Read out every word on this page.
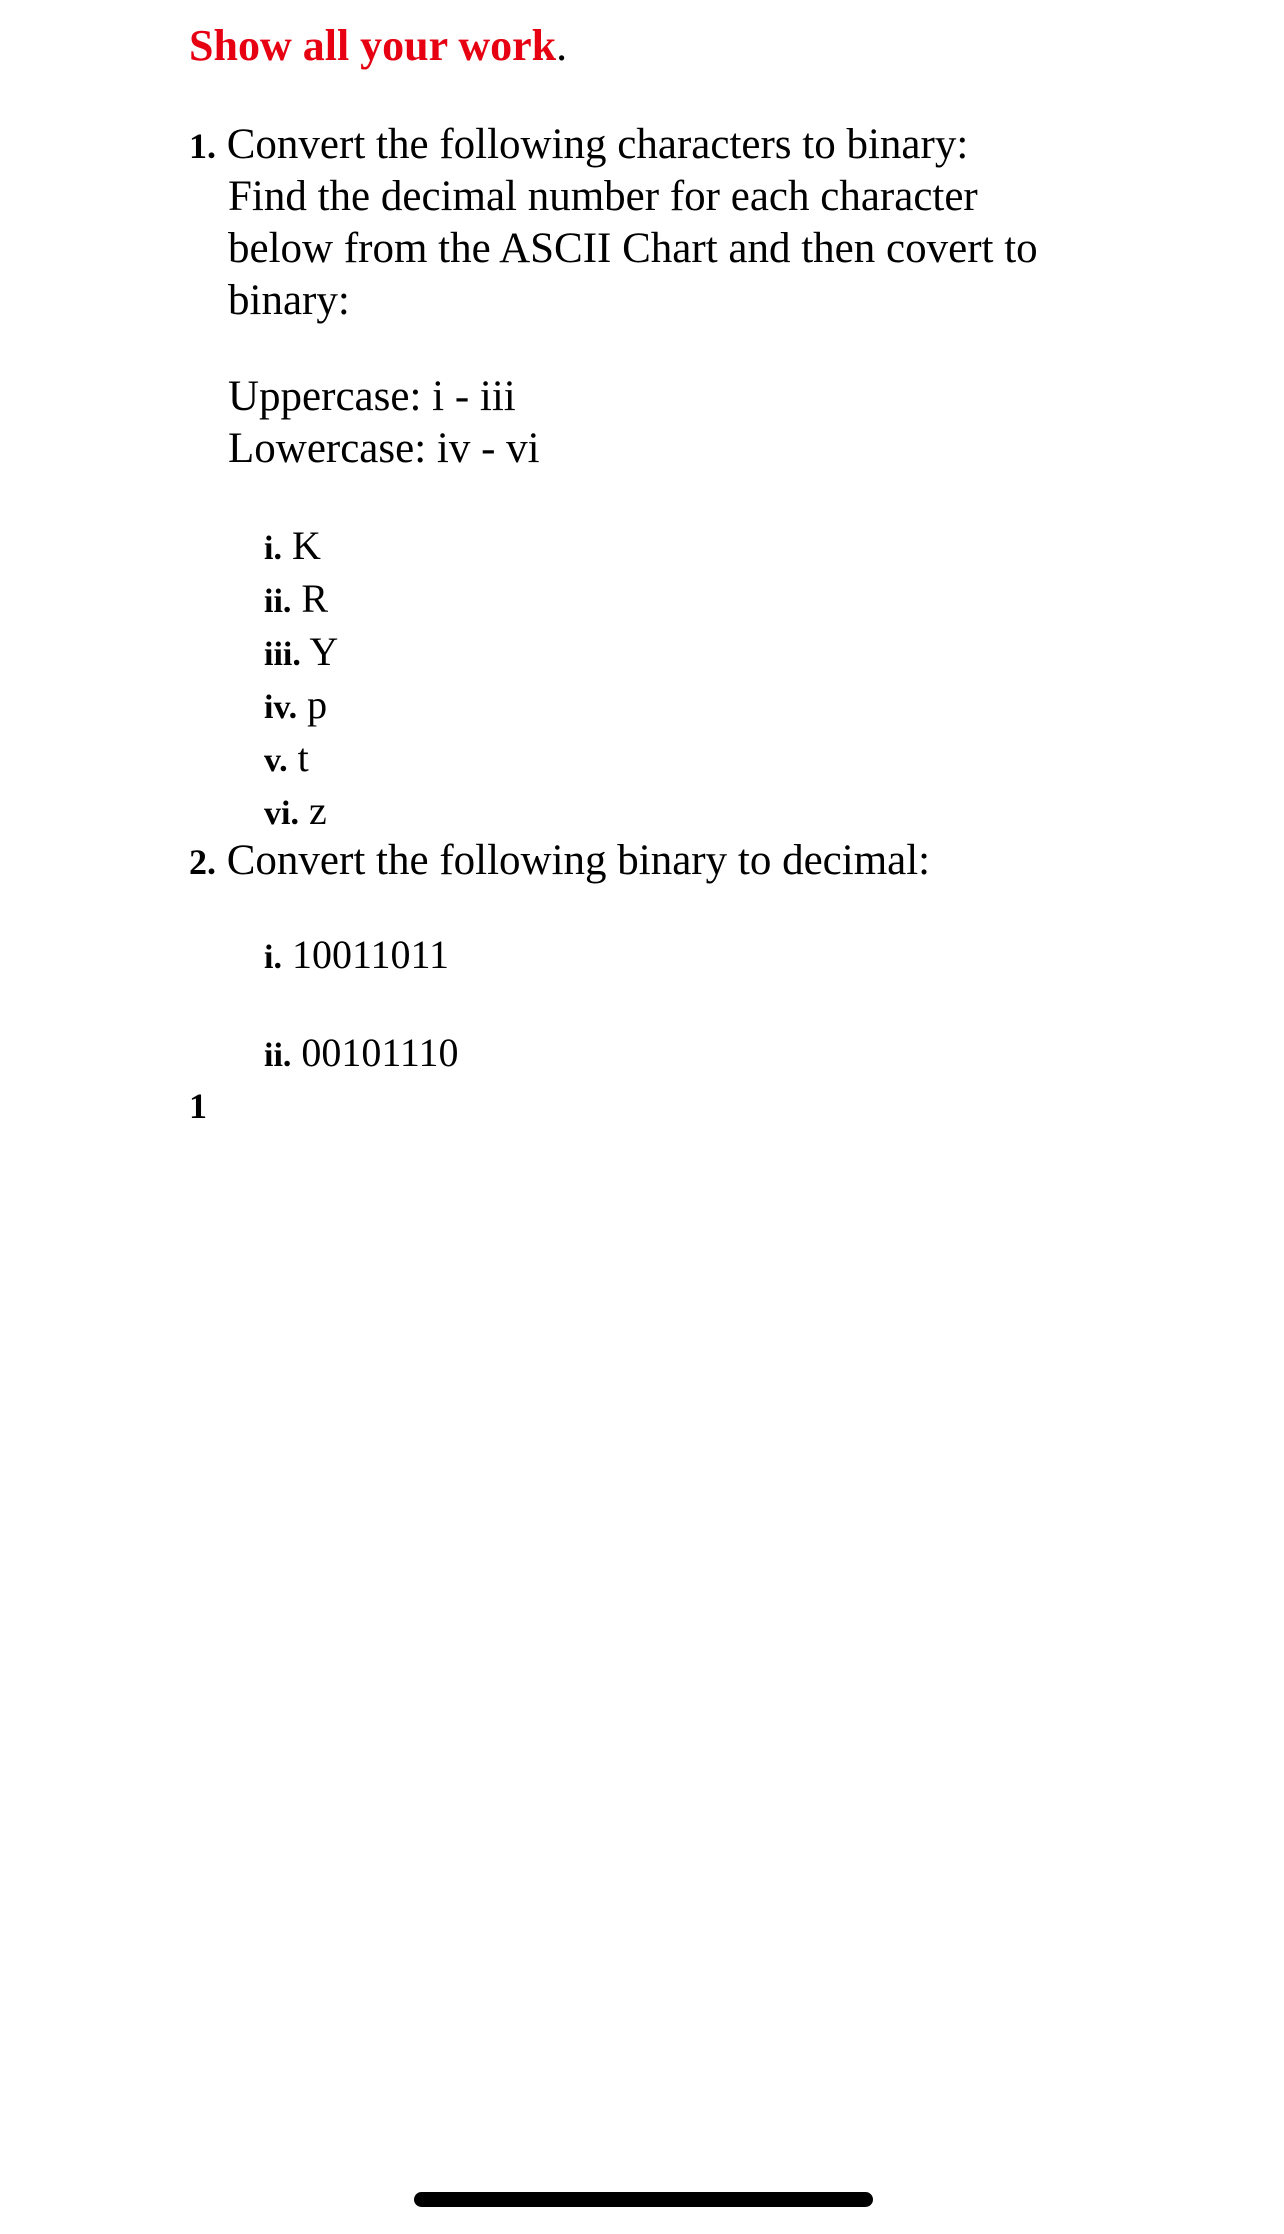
Show all your work.
1. Convert the following characters to binary:
Find the decimal number for each character
below from the ASCII Chart and then covert to
binary:
Uppercase: i - iii
Lowercase: iv - vi
i. K
ii. R
iii. Y
iv. p
v. t
vi. z
2. Convert the following binary to decimal:
i. 10011011
ii. 00101110
1
